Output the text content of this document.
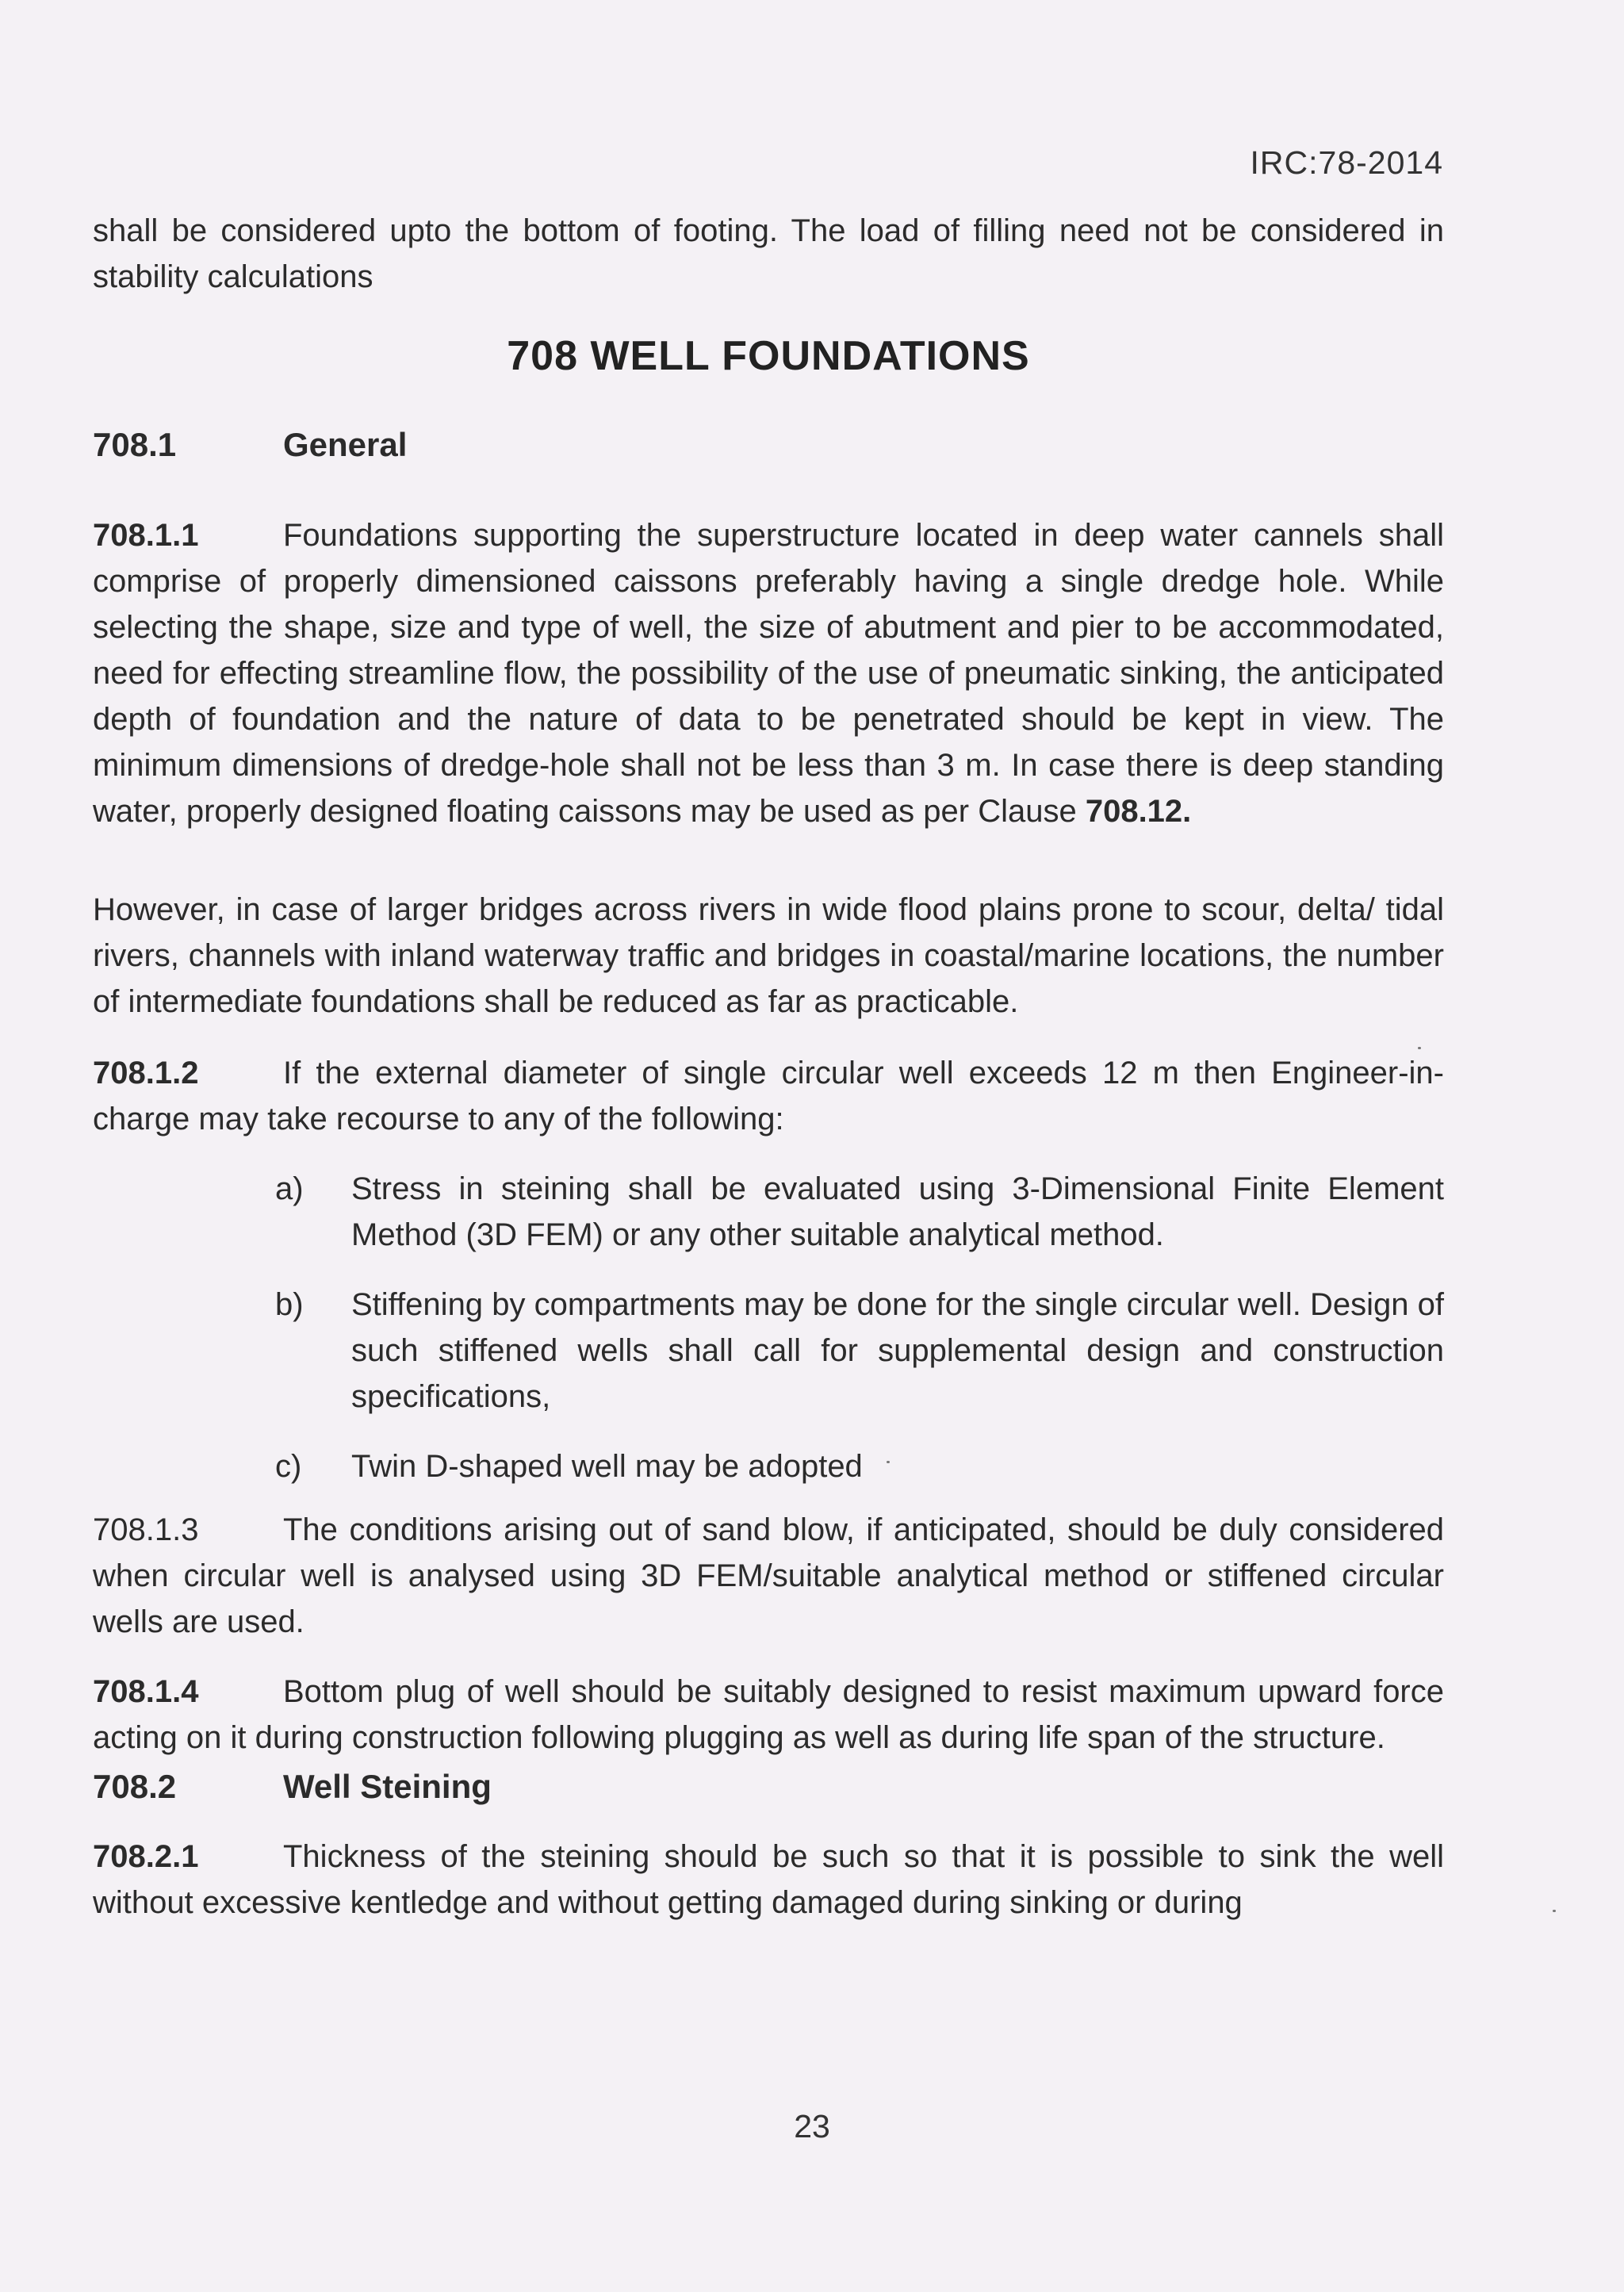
IRC:78-2014

shall be considered upto the bottom of footing. The load of filling need not be considered in stability calculations

708 WELL FOUNDATIONS
708.1	General

708.1.1	Foundations supporting the superstructure located in deep water cannels shall comprise of properly dimensioned caissons preferably having a single dredge hole. While selecting the shape, size and type of well, the size of abutment and pier to be accommodated, need for effecting streamline flow, the possibility of the use of pneumatic sinking, the anticipated depth of foundation and the nature of data to be penetrated should be kept in view. The minimum dimensions of dredge-hole shall not be less than 3 m. In case there is deep standing water, properly designed floating caissons may be used as per Clause 708.12.

However, in case of larger bridges across rivers in wide flood plains prone to scour, delta/ tidal rivers, channels with inland waterway traffic and bridges in coastal/marine locations, the number of intermediate foundations shall be reduced as far as practicable.

708.1.2	If the external diameter of single circular well exceeds 12 m then Engineer-in-charge may take recourse to any of the following:

a)	Stress in steining shall be evaluated using 3-Dimensional Finite Element Method (3D FEM) or any other suitable analytical method.
b)	Stiffening by compartments may be done for the single circular well. Design of such stiffened wells shall call for supplemental design and construction specifications,
c)	Twin D-shaped well may be adopted

708.1.3	The conditions arising out of sand blow, if anticipated, should be duly considered when circular well is analysed using 3D FEM/suitable analytical method or stiffened circular wells are used.

708.1.4	Bottom plug of well should be suitably designed to resist maximum upward force acting on it during construction following plugging as well as during life span of the structure.

708.2	Well Steining

708.2.1	Thickness of the steining should be such so that it is possible to sink the well without excessive kentledge and without getting damaged during sinking or during

23
